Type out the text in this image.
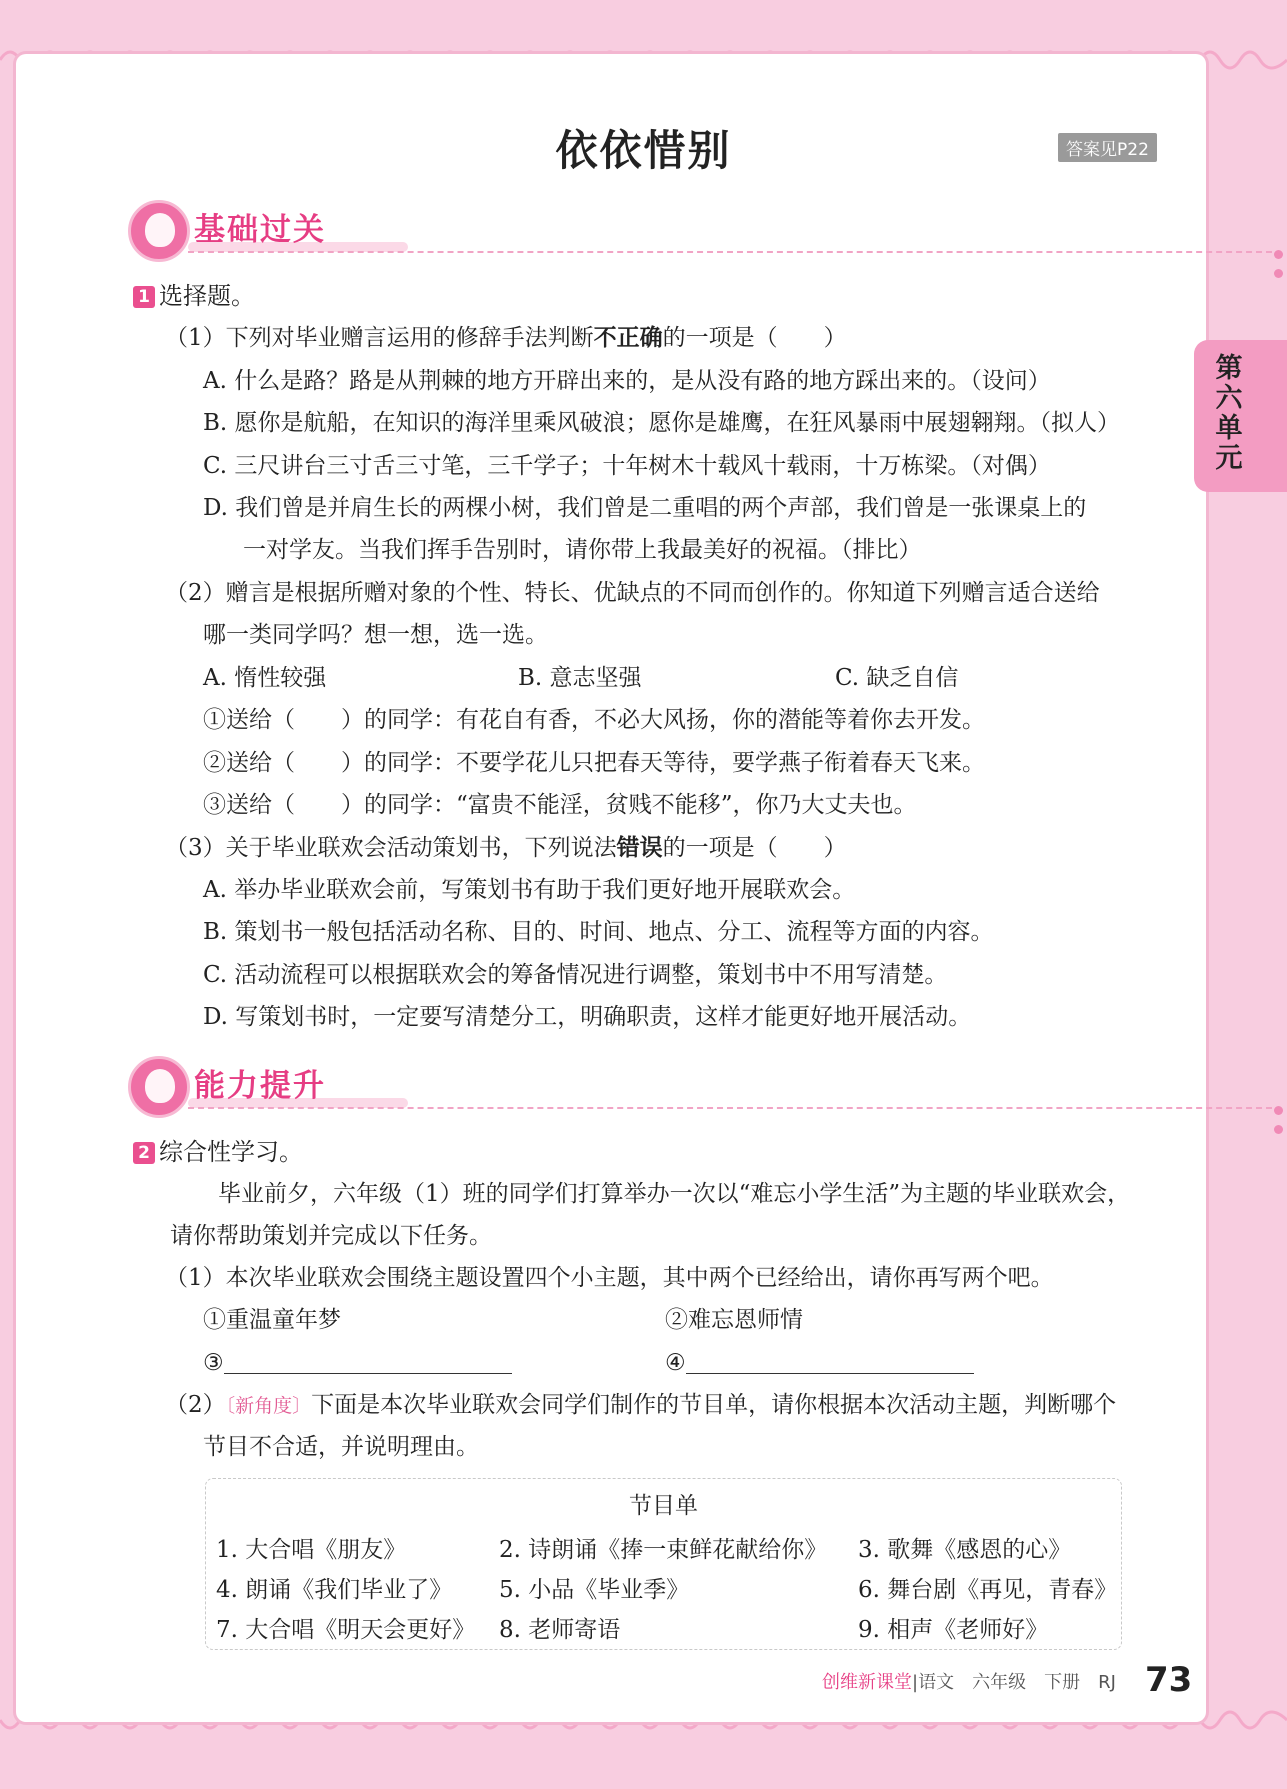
依依惜别	答案见P22
第六单元
基础过关
1 选择题。
（1）下列对毕业赠言运用的修辞手法判断不正确的一项是（　　）
A. 什么是路？路是从荆棘的地方开辟出来的，是从没有路的地方踩出来的。（设问）
B. 愿你是航船，在知识的海洋里乘风破浪；愿你是雄鹰，在狂风暴雨中展翅翱翔。（拟人）
C. 三尺讲台三寸舌三寸笔，三千学子；十年树木十载风十载雨，十万栋梁。（对偶）
D. 我们曾是并肩生长的两棵小树，我们曾是二重唱的两个声部，我们曾是一张课桌上的
一对学友。当我们挥手告别时，请你带上我最美好的祝福。（排比）
（2）赠言是根据所赠对象的个性、特长、优缺点的不同而创作的。你知道下列赠言适合送给
哪一类同学吗？想一想，选一选。
A. 惰性较强	B. 意志坚强	C. 缺乏自信
①送给（　　）的同学：有花自有香，不必大风扬，你的潜能等着你去开发。
②送给（　　）的同学：不要学花儿只把春天等待，要学燕子衔着春天飞来。
③送给（　　）的同学：“富贵不能淫，贫贱不能移”，你乃大丈夫也。
（3）关于毕业联欢会活动策划书，下列说法错误的一项是（　　）
A. 举办毕业联欢会前，写策划书有助于我们更好地开展联欢会。
B. 策划书一般包括活动名称、目的、时间、地点、分工、流程等方面的内容。
C. 活动流程可以根据联欢会的筹备情况进行调整，策划书中不用写清楚。
D. 写策划书时，一定要写清楚分工，明确职责，这样才能更好地开展活动。
能力提升
2 综合性学习。
毕业前夕，六年级（1）班的同学们打算举办一次以“难忘小学生活”为主题的毕业联欢会，
请你帮助策划并完成以下任务。
（1）本次毕业联欢会围绕主题设置四个小主题，其中两个已经给出，请你再写两个吧。
①重温童年梦	②难忘恩师情
③	④
（2）〔新角度〕下面是本次毕业联欢会同学们制作的节目单，请你根据本次活动主题，判断哪个
节目不合适，并说明理由。
节目单
1. 大合唱《朋友》	2. 诗朗诵《捧一束鲜花献给你》 3. 歌舞《感恩的心》
4. 朗诵《我们毕业了》 5. 小品《毕业季》	6. 舞台剧《再见，青春》
7. 大合唱《明天会更好》 8. 老师寄语	9. 相声《老师好》
创维新课堂|语文　六年级　下册　RJ 73
